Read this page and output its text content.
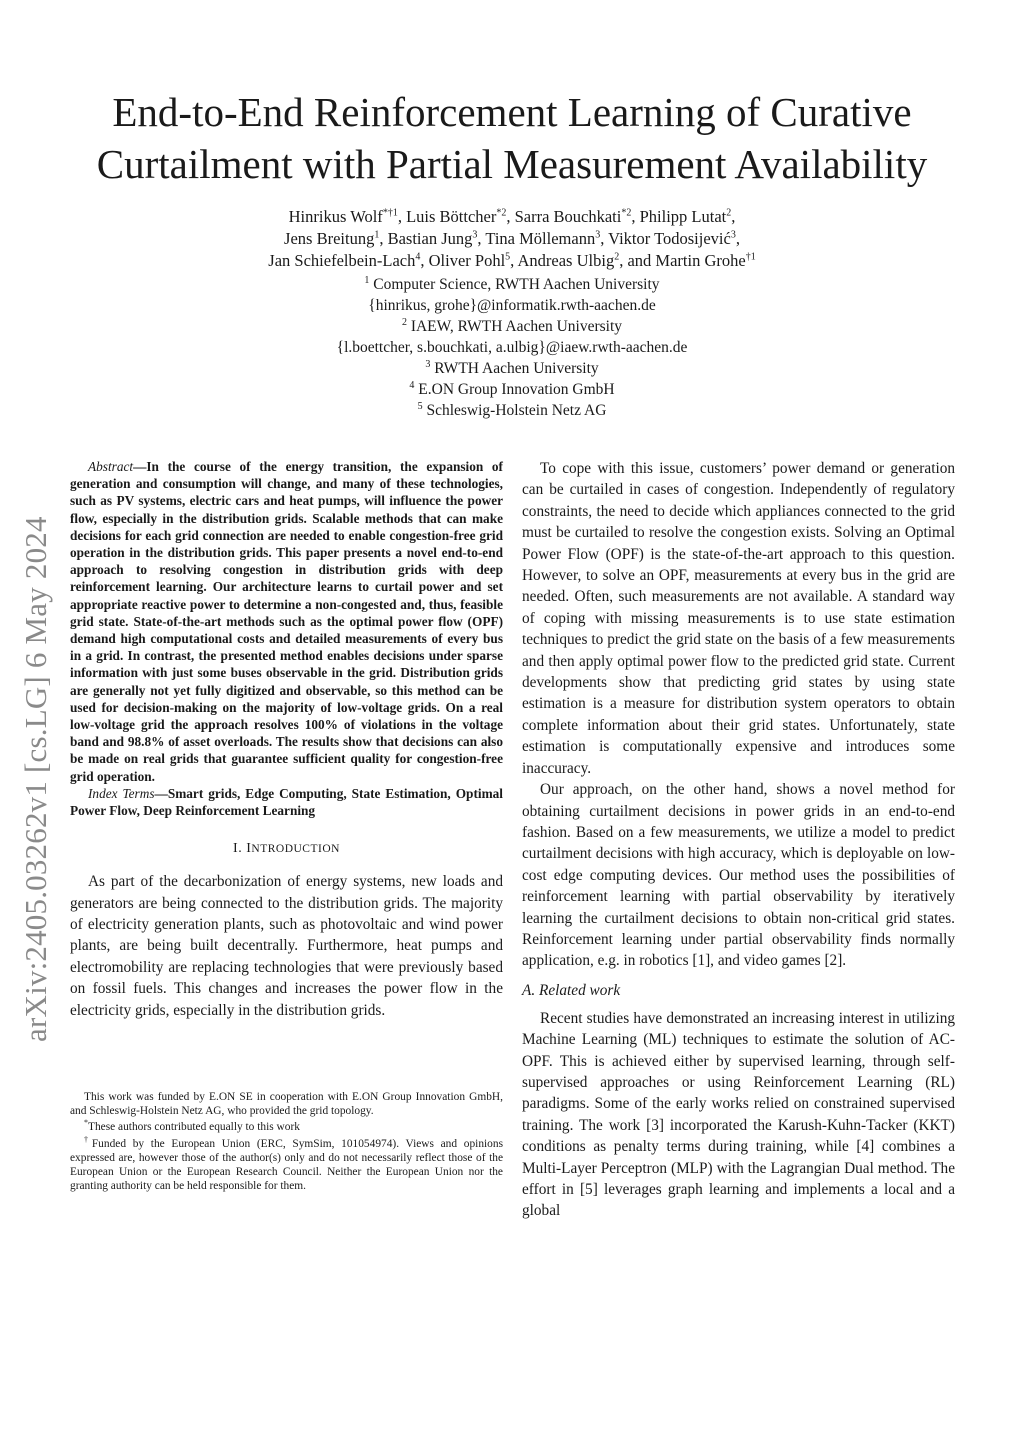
End-to-End Reinforcement Learning of Curative
Curtailment with Partial Measurement Availability
Hinrikus Wolf$^{*\dagger 1}$, Luis Böttcher$^{*2}$, Sarra Bouchkati$^{*2}$, Philipp Lutat$^2$,
Jens Breitung$^1$, Bastian Jung$^3$, Tina Möllemann$^3$, Viktor Todosijević$^3$,
Jan Schiefelbein-Lach$^4$, Oliver Pohl$^5$, Andreas Ulbig$^2$, and Martin Grohe$^{\dagger 1}$
$^1$ Computer Science, RWTH Aachen University
{hinrikus, grohe}@informatik.rwth-aachen.de
$^2$ IAEW, RWTH Aachen University
{l.boettcher, s.bouchkati, a.ulbig}@iaew.rwth-aachen.de
$^3$ RWTH Aachen University
$^4$ E.ON Group Innovation GmbH
$^5$ Schleswig-Holstein Netz AG
arXiv:2405.03262v1 [cs.LG] 6 May 2024

Abstract—In the course of the energy transition, the expansion of generation and consumption will change, and many of these technologies, such as PV systems, electric cars and heat pumps, will influence the power flow, especially in the distribution grids. Scalable methods that can make decisions for each grid connection are needed to enable congestion-free grid operation in the distribution grids. This paper presents a novel end-to-end approach to resolving congestion in distribution grids with deep reinforcement learning. Our architecture learns to curtail power and set appropriate reactive power to determine a non-congested and, thus, feasible grid state. State-of-the-art methods such as the optimal power flow (OPF) demand high computational costs and detailed measurements of every bus in a grid. In contrast, the presented method enables decisions under sparse information with just some buses observable in the grid. Distribution grids are generally not yet fully digitized and observable, so this method can be used for decision-making on the majority of low-voltage grids. On a real low-voltage grid the approach resolves 100% of violations in the voltage band and 98.8% of asset overloads. The results show that decisions can also be made on real grids that guarantee sufficient quality for congestion-free grid operation.

Index Terms—Smart grids, Edge Computing, State Estimation, Optimal Power Flow, Deep Reinforcement Learning

I. INTRODUCTION

As part of the decarbonization of energy systems, new loads and generators are being connected to the distribution grids. The majority of electricity generation plants, such as photovoltaic and wind power plants, are being built decentrally. Furthermore, heat pumps and electromobility are replacing technologies that were previously based on fossil fuels. This changes and increases the power flow in the electricity grids, especially in the distribution grids.

This work was funded by E.ON SE in cooperation with E.ON Group Innovation GmbH, and Schleswig-Holstein Netz AG, who provided the grid topology.

*These authors contributed equally to this work

†Funded by the European Union (ERC, SymSim, 101054974). Views and opinions expressed are, however those of the author(s) only and do not necessarily reflect those of the European Union or the European Research Council. Neither the European Union nor the granting authority can be held responsible for them.

To cope with this issue, customers’ power demand or generation can be curtailed in cases of congestion. Independently of regulatory constraints, the need to decide which appliances connected to the grid must be curtailed to resolve the congestion exists. Solving an Optimal Power Flow (OPF) is the state-of-the-art approach to this question. However, to solve an OPF, measurements at every bus in the grid are needed. Often, such measurements are not available. A standard way of coping with missing measurements is to use state estimation techniques to predict the grid state on the basis of a few measurements and then apply optimal power flow to the predicted grid state. Current developments show that predicting grid states by using state estimation is a measure for distribution system operators to obtain complete information about their grid states. Unfortunately, state estimation is computationally expensive and introduces some inaccuracy.

Our approach, on the other hand, shows a novel method for obtaining curtailment decisions in power grids in an end-to-end fashion. Based on a few measurements, we utilize a model to predict curtailment decisions with high accuracy, which is deployable on low-cost edge computing devices. Our method uses the possibilities of reinforcement learning with partial observability by iteratively learning the curtailment decisions to obtain non-critical grid states. Reinforcement learning under partial observability finds normally application, e.g. in robotics [1], and video games [2].

A. Related work

Recent studies have demonstrated an increasing interest in utilizing Machine Learning (ML) techniques to estimate the solution of AC-OPF. This is achieved either by supervised learning, through self-supervised approaches or using Reinforcement Learning (RL) paradigms. Some of the early works relied on constrained supervised training. The work [3] incorporated the Karush-Kuhn-Tacker (KKT) conditions as penalty terms during training, while [4] combines a Multi-Layer Perceptron (MLP) with the Lagrangian Dual method. The effort in [5] leverages graph learning and implements a local and a global
